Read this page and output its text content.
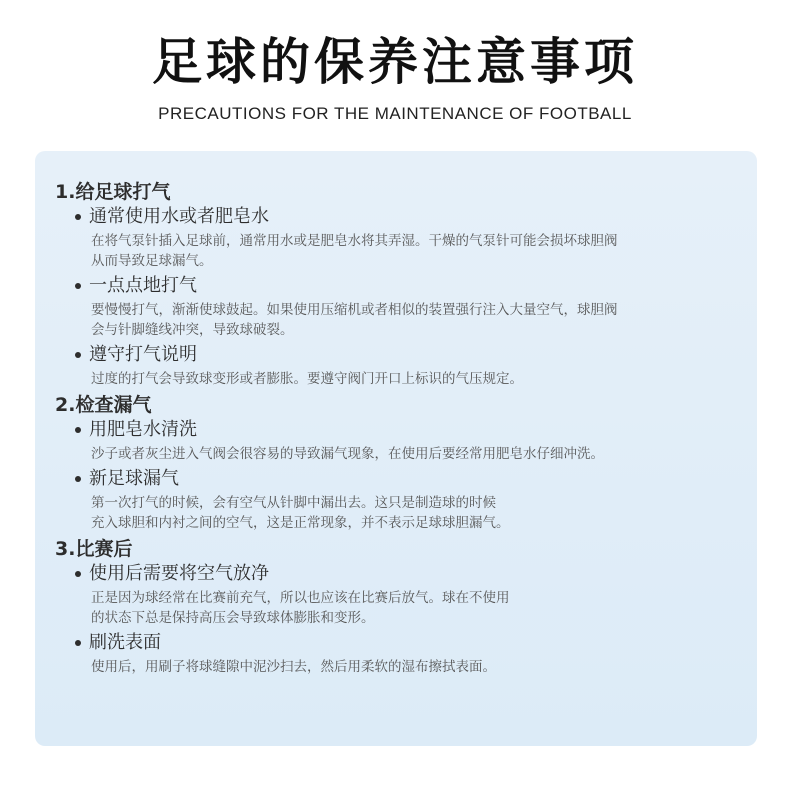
足球的保养注意事项
PRECAUTIONS FOR THE MAINTENANCE OF FOOTBALL
1.给足球打气
通常使用水或者肥皂水
在将气泵针插入足球前，通常用水或是肥皂水将其弄湿。干燥的气泵针可能会损坏球胆阀
从而导致足球漏气。
一点点地打气
要慢慢打气，渐渐使球鼓起。如果使用压缩机或者相似的装置强行注入大量空气，球胆阀
会与针脚缝线冲突，导致球破裂。
遵守打气说明
过度的打气会导致球变形或者膨胀。要遵守阀门开口上标识的气压规定。
2.检查漏气
用肥皂水清洗
沙子或者灰尘进入气阀会很容易的导致漏气现象，在使用后要经常用肥皂水仔细冲洗。
新足球漏气
第一次打气的时候，会有空气从针脚中漏出去。这只是制造球的时候
充入球胆和内衬之间的空气，这是正常现象，并不表示足球球胆漏气。
3.比赛后
使用后需要将空气放净
正是因为球经常在比赛前充气，所以也应该在比赛后放气。球在不使用
的状态下总是保持高压会导致球体膨胀和变形。
刷洗表面
使用后，用刷子将球缝隙中泥沙扫去，然后用柔软的湿布擦拭表面。
